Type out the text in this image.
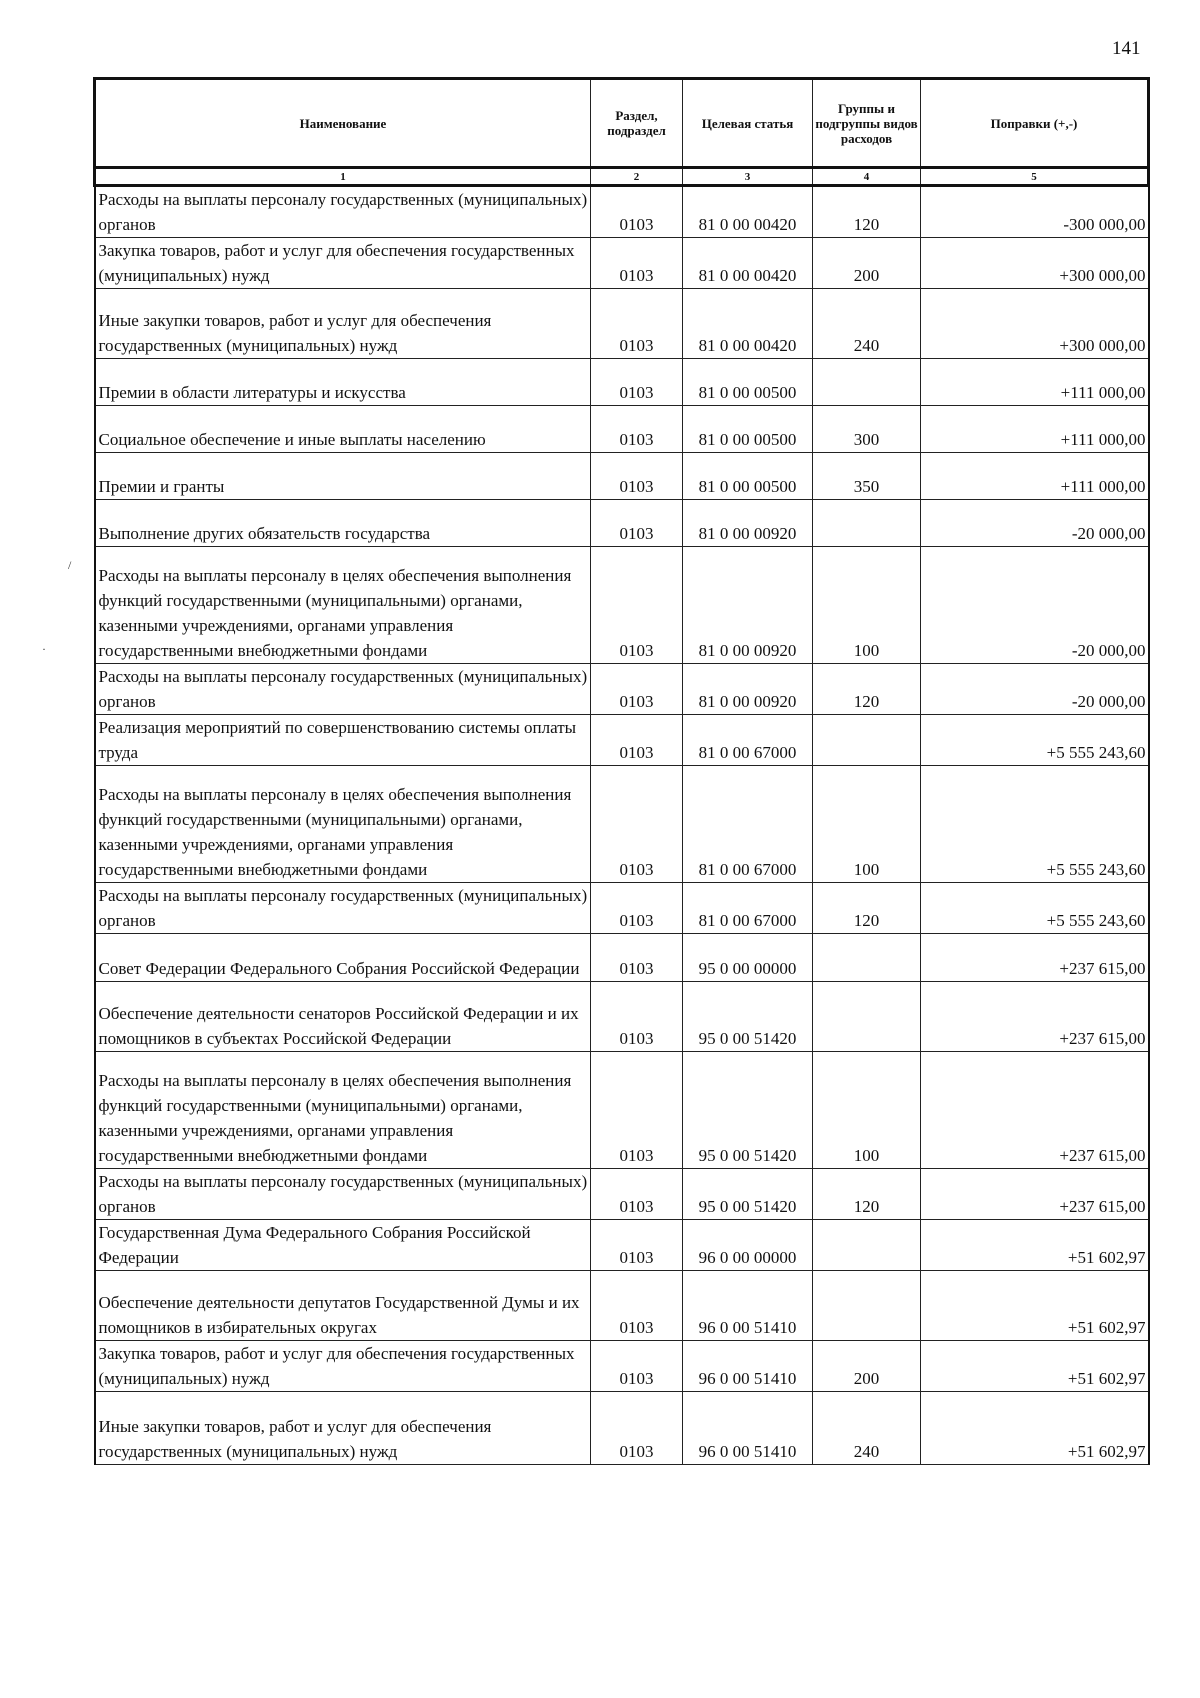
141
Наименование	Раздел, подраздел	Целевая статья	Группы и подгруппы видов расходов	Поправки (+,-)
1	2	3	4	5
Расходы на выплаты персоналу государственных (муниципальных) органов	0103	81 0 00 00420	120	-300 000,00
Закупка товаров, работ и услуг для обеспечения государственных (муниципальных) нужд	0103	81 0 00 00420	200	+300 000,00
Иные закупки товаров, работ и услуг для обеспечения государственных (муниципальных) нужд	0103	81 0 00 00420	240	+300 000,00
Премии в области литературы и искусства	0103	81 0 00 00500		+111 000,00
Социальное обеспечение и иные выплаты населению	0103	81 0 00 00500	300	+111 000,00
Премии и гранты	0103	81 0 00 00500	350	+111 000,00
Выполнение других обязательств государства	0103	81 0 00 00920		-20 000,00
Расходы на выплаты персоналу в целях обеспечения выполнения функций государственными (муниципальными) органами, казенными учреждениями, органами управления государственными внебюджетными фондами	0103	81 0 00 00920	100	-20 000,00
Расходы на выплаты персоналу государственных (муниципальных) органов	0103	81 0 00 00920	120	-20 000,00
Реализация мероприятий по совершенствованию системы оплаты труда	0103	81 0 00 67000		+5 555 243,60
Расходы на выплаты персоналу в целях обеспечения выполнения функций государственными (муниципальными) органами, казенными учреждениями, органами управления государственными внебюджетными фондами	0103	81 0 00 67000	100	+5 555 243,60
Расходы на выплаты персоналу государственных (муниципальных) органов	0103	81 0 00 67000	120	+5 555 243,60
Совет Федерации Федерального Собрания Российской Федерации	0103	95 0 00 00000		+237 615,00
Обеспечение деятельности сенаторов Российской Федерации и их помощников в субъектах Российской Федерации	0103	95 0 00 51420		+237 615,00
Расходы на выплаты персоналу в целях обеспечения выполнения функций государственными (муниципальными) органами, казенными учреждениями, органами управления государственными внебюджетными фондами	0103	95 0 00 51420	100	+237 615,00
Расходы на выплаты персоналу государственных (муниципальных) органов	0103	95 0 00 51420	120	+237 615,00
Государственная Дума Федерального Собрания Российской Федерации	0103	96 0 00 00000		+51 602,97
Обеспечение деятельности депутатов Государственной Думы и их помощников в избирательных округах	0103	96 0 00 51410		+51 602,97
Закупка товаров, работ и услуг для обеспечения государственных (муниципальных) нужд	0103	96 0 00 51410	200	+51 602,97
Иные закупки товаров, работ и услуг для обеспечения государственных (муниципальных) нужд	0103	96 0 00 51410	240	+51 602,97
/
·
